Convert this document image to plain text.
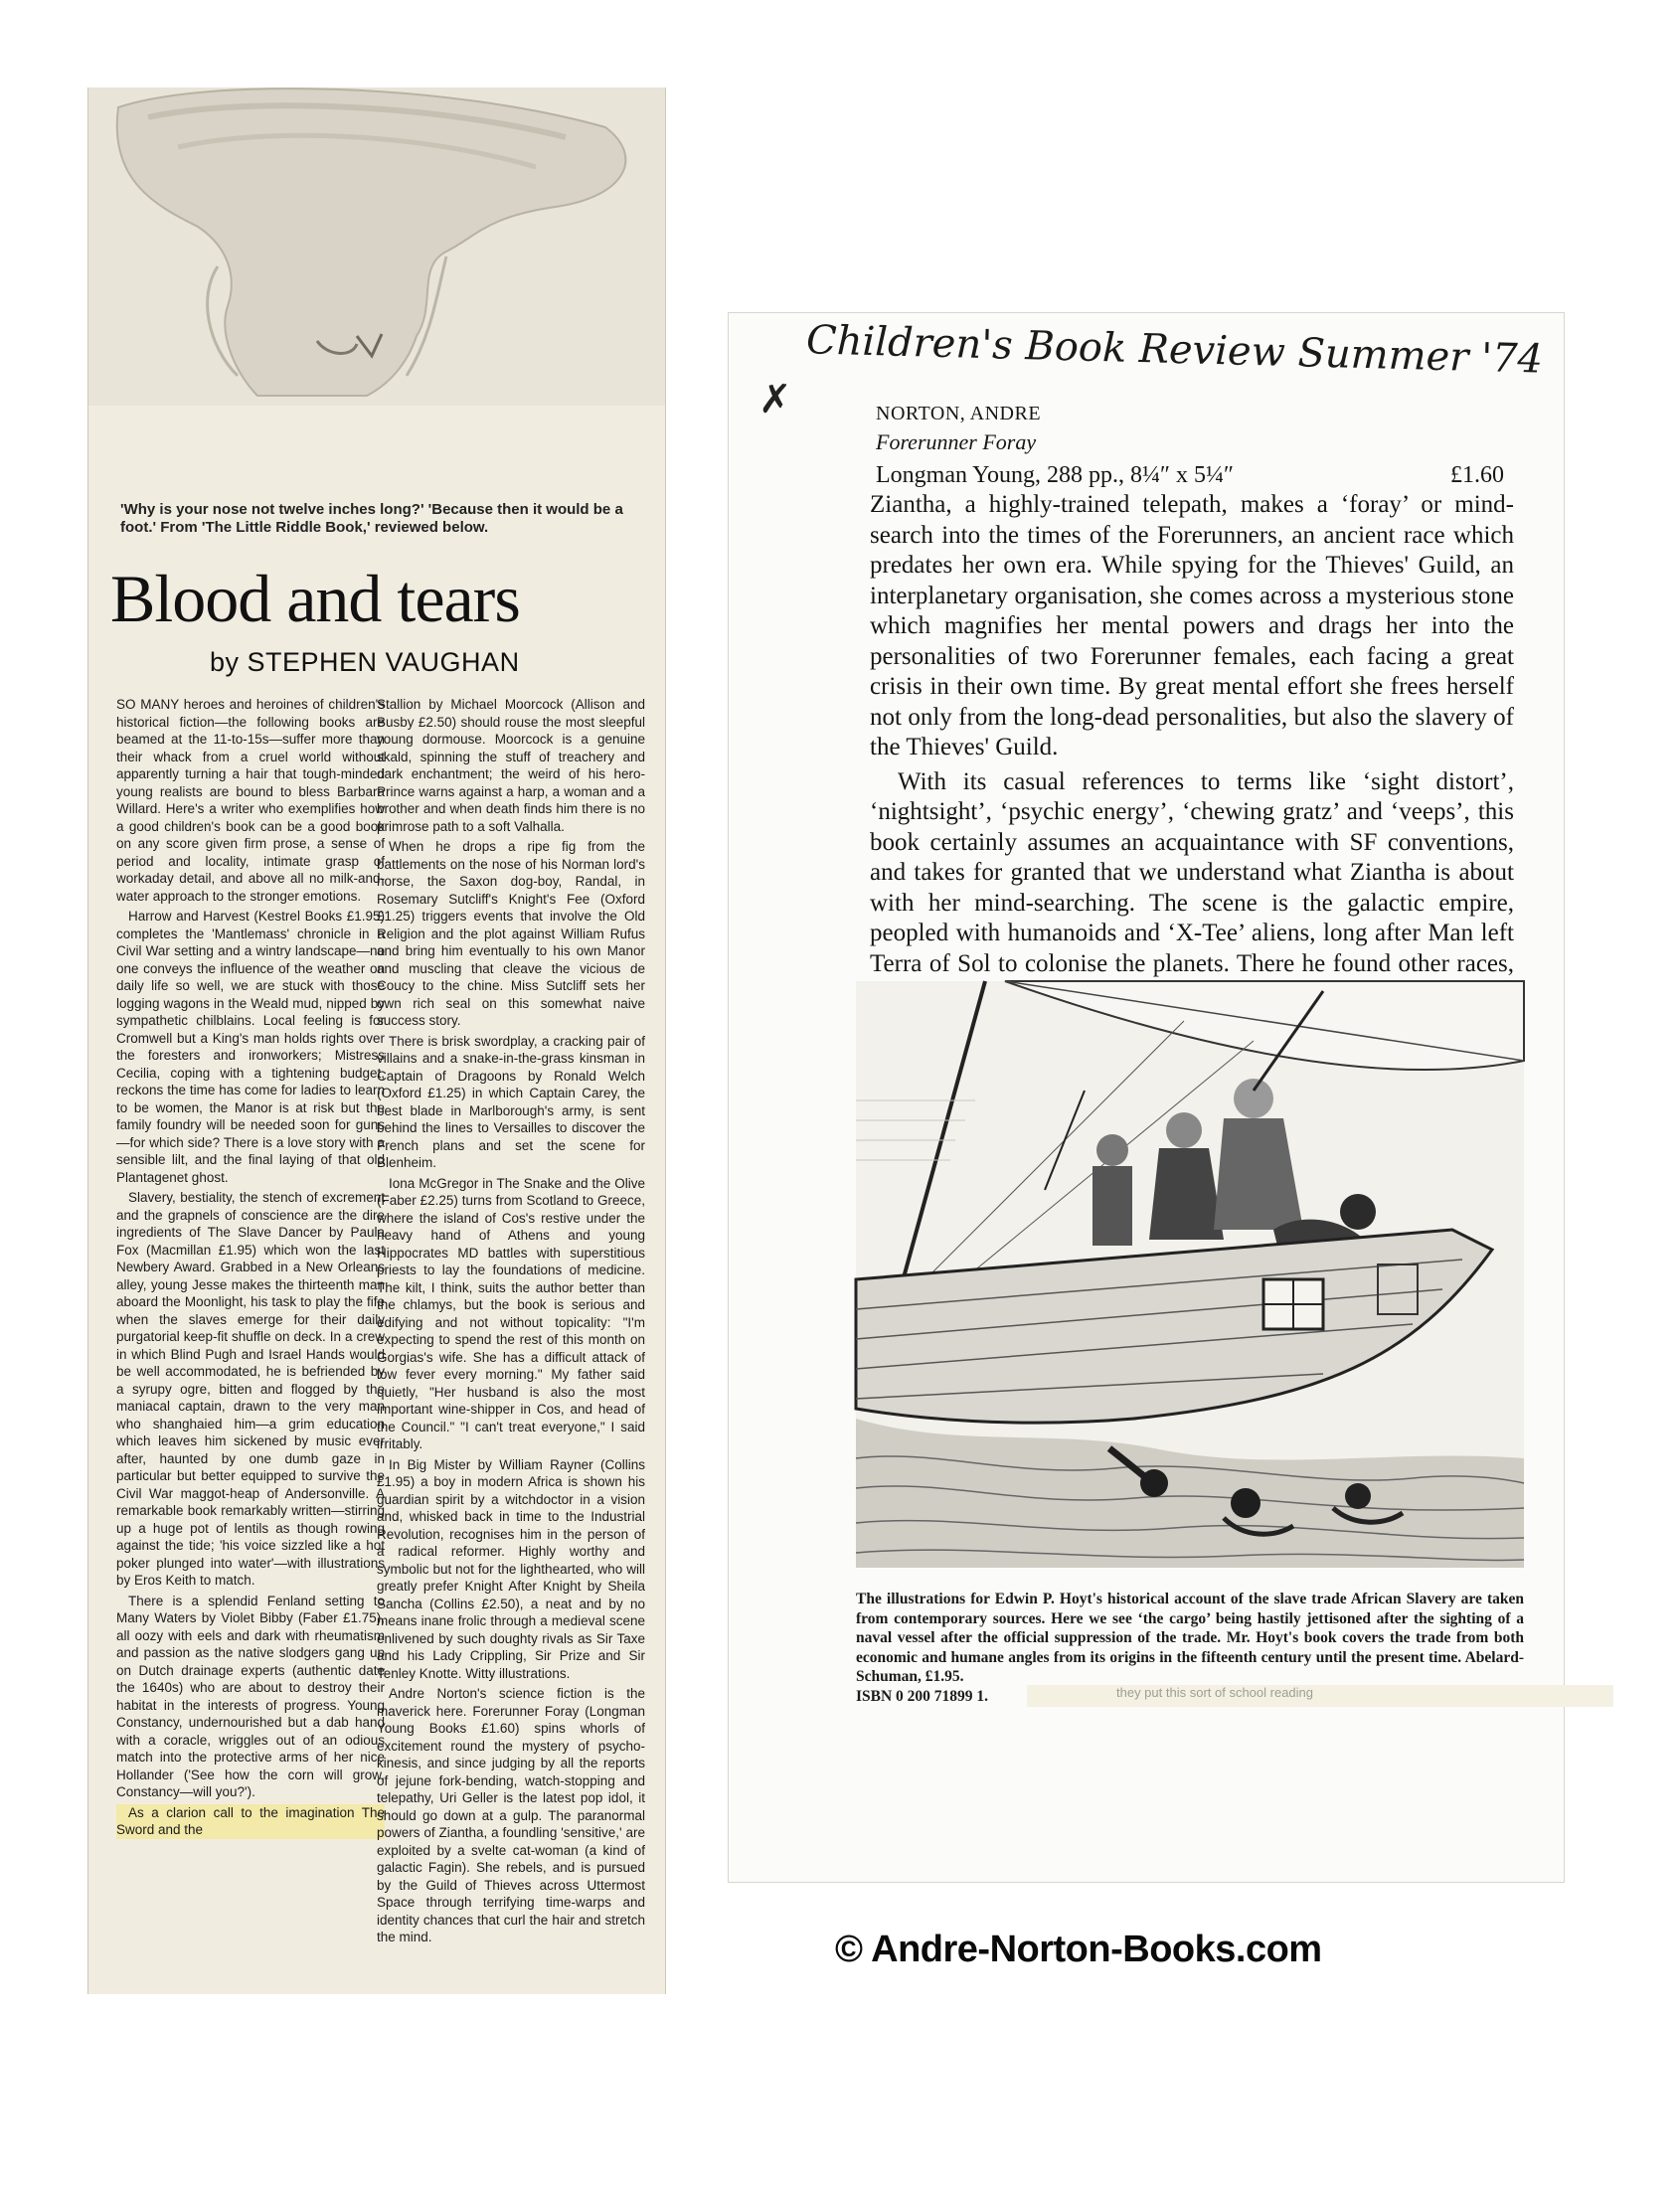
'Why is your nose not twelve inches long?' 'Because then it would be a foot.' From 'The Little Riddle Book,' reviewed below.
Blood and tears
by STEPHEN VAUGHAN

SO MANY heroes and heroines of children's historical fiction—the following books are beamed at the 11-to-15s—suffer more than their whack from a cruel world without apparently turning a hair that tough-minded young realists are bound to bless Barbara Willard. Here's a writer who exemplifies how a good children's book can be a good book on any score given firm prose, a sense of period and locality, intimate grasp of workaday detail, and above all no milk-and-water approach to the stronger emotions.

Harrow and Harvest (Kestrel Books £1.95) completes the 'Mantlemass' chronicle in a Civil War setting and a wintry landscape—no one conveys the influence of the weather on daily life so well, we are stuck with those logging wagons in the Weald mud, nipped by sympathetic chilblains. Local feeling is for Cromwell but a King's man holds rights over the foresters and ironworkers; Mistress Cecilia, coping with a tightening budget, reckons the time has come for ladies to learn to be women, the Manor is at risk but the family foundry will be needed soon for guns—for which side? There is a love story with a sensible lilt, and the final laying of that old Plantagenet ghost.

Slavery, bestiality, the stench of excrement and the grapnels of conscience are the dire ingredients of The Slave Dancer by Paula Fox (Macmillan £1.95) which won the last Newbery Award. Grabbed in a New Orleans alley, young Jesse makes the thirteenth man aboard the Moonlight, his task to play the fife when the slaves emerge for their daily purgatorial keep-fit shuffle on deck. In a crew in which Blind Pugh and Israel Hands would be well accommodated, he is befriended by a syrupy ogre, bitten and flogged by the maniacal captain, drawn to the very man who shanghaied him—a grim education which leaves him sickened by music ever after, haunted by one dumb gaze in particular but better equipped to survive the Civil War maggot-heap of Andersonville. A remarkable book remarkably written—stirring up a huge pot of lentils as though rowing against the tide; 'his voice sizzled like a hot poker plunged into water'—with illustrations by Eros Keith to match.

There is a splendid Fenland setting to Many Waters by Violet Bibby (Faber £1.75), all oozy with eels and dark with rheumatism and passion as the native slodgers gang up on Dutch drainage experts (authentic date the 1640s) who are about to destroy their habitat in the interests of progress. Young Constancy, undernourished but a dab hand with a coracle, wriggles out of an odious match into the protective arms of her nice Hollander ('See how the corn will grow, Constancy—will you?').

As a clarion call to the imagination The Sword and the

Stallion by Michael Moorcock (Allison and Busby £2.50) should rouse the most sleepful young dormouse. Moorcock is a genuine skald, spinning the stuff of treachery and dark enchantment; the weird of his hero-Prince warns against a harp, a woman and a brother and when death finds him there is no primrose path to a soft Valhalla.

When he drops a ripe fig from the battlements on the nose of his Norman lord's horse, the Saxon dog-boy, Randal, in Rosemary Sutcliff's Knight's Fee (Oxford £1.25) triggers events that involve the Old Religion and the plot against William Rufus and bring him eventually to his own Manor and muscling that cleave the vicious de Coucy to the chine. Miss Sutcliff sets her own rich seal on this somewhat naive success story.

There is brisk swordplay, a cracking pair of villains and a snake-in-the-grass kinsman in Captain of Dragoons by Ronald Welch (Oxford £1.25) in which Captain Carey, the best blade in Marlborough's army, is sent behind the lines to Versailles to discover the French plans and set the scene for Blenheim.

Iona McGregor in The Snake and the Olive (Faber £2.25) turns from Scotland to Greece, where the island of Cos's restive under the heavy hand of Athens and young Hippocrates MD battles with superstitious priests to lay the foundations of medicine. The kilt, I think, suits the author better than the chlamys, but the book is serious and edifying and not without topicality: "I'm expecting to spend the rest of this month on Gorgias's wife. She has a difficult attack of low fever every morning." My father said quietly, "Her husband is also the most important wine-shipper in Cos, and head of the Council." "I can't treat everyone," I said irritably.

In Big Mister by William Rayner (Collins £1.95) a boy in modern Africa is shown his guardian spirit by a witchdoctor in a vision and, whisked back in time to the Industrial Revolution, recognises him in the person of a radical reformer. Highly worthy and symbolic but not for the lighthearted, who will greatly prefer Knight After Knight by Sheila Sancha (Collins £2.50), a neat and by no means inane frolic through a medieval scene enlivened by such doughty rivals as Sir Taxe and his Lady Crippling, Sir Prize and Sir Tenley Knotte. Witty illustrations.

Andre Norton's science fiction is the maverick here. Forerunner Foray (Longman Young Books £1.60) spins whorls of excitement round the mystery of psycho-kinesis, and since judging by all the reports of jejune fork-bending, watch-stopping and telepathy, Uri Geller is the latest pop idol, it should go down at a gulp. The paranormal powers of Ziantha, a foundling 'sensitive,' are exploited by a svelte cat-woman (a kind of galactic Fagin). She rebels, and is pursued by the Guild of Thieves across Uttermost Space through terrifying time-warps and identity chances that curl the hair and stretch the mind.

Children's Book Review Summer '74
✗	NORTON, ANDRE
Forerunner Foray
Longman Young, 288 pp., 8¼″ x 5¼″	£1.60

Ziantha, a highly-trained telepath, makes a ‘foray’ or mind-search into the times of the Forerunners, an ancient race which predates her own era. While spying for the Thieves' Guild, an interplanetary organisation, she comes across a mysterious stone which magnifies her mental powers and drags her into the personalities of two Forerunner females, each facing a great crisis in their own time. By great mental effort she frees herself not only from the long-dead personalities, but also the slavery of the Thieves' Guild.

With its casual references to terms like ‘sight distort’, ‘nightsight’, ‘psychic energy’, ‘chewing gratz’ and ‘veeps’, this book certainly assumes an acquaintance with SF conventions, and takes for granted that we understand what Ziantha is about with her mind-searching. The scene is the galactic empire, peopled with humanoids and ‘X-Tee’ aliens, long after Man left Terra of Sol to colonise the planets. There he found other races,

The illustrations for Edwin P. Hoyt's historical account of the slave trade African Slavery are taken from contemporary sources. Here we see ‘the cargo’ being hastily jettisoned after the sighting of a naval vessel after the official suppression of the trade. Mr. Hoyt's book covers the trade from both economic and humane angles from its origins in the fifteenth century until the present time. Abelard-Schuman, £1.95.

ISBN 0 200 71899 1.	they put this sort of school reading
© Andre-Norton-Books.com
